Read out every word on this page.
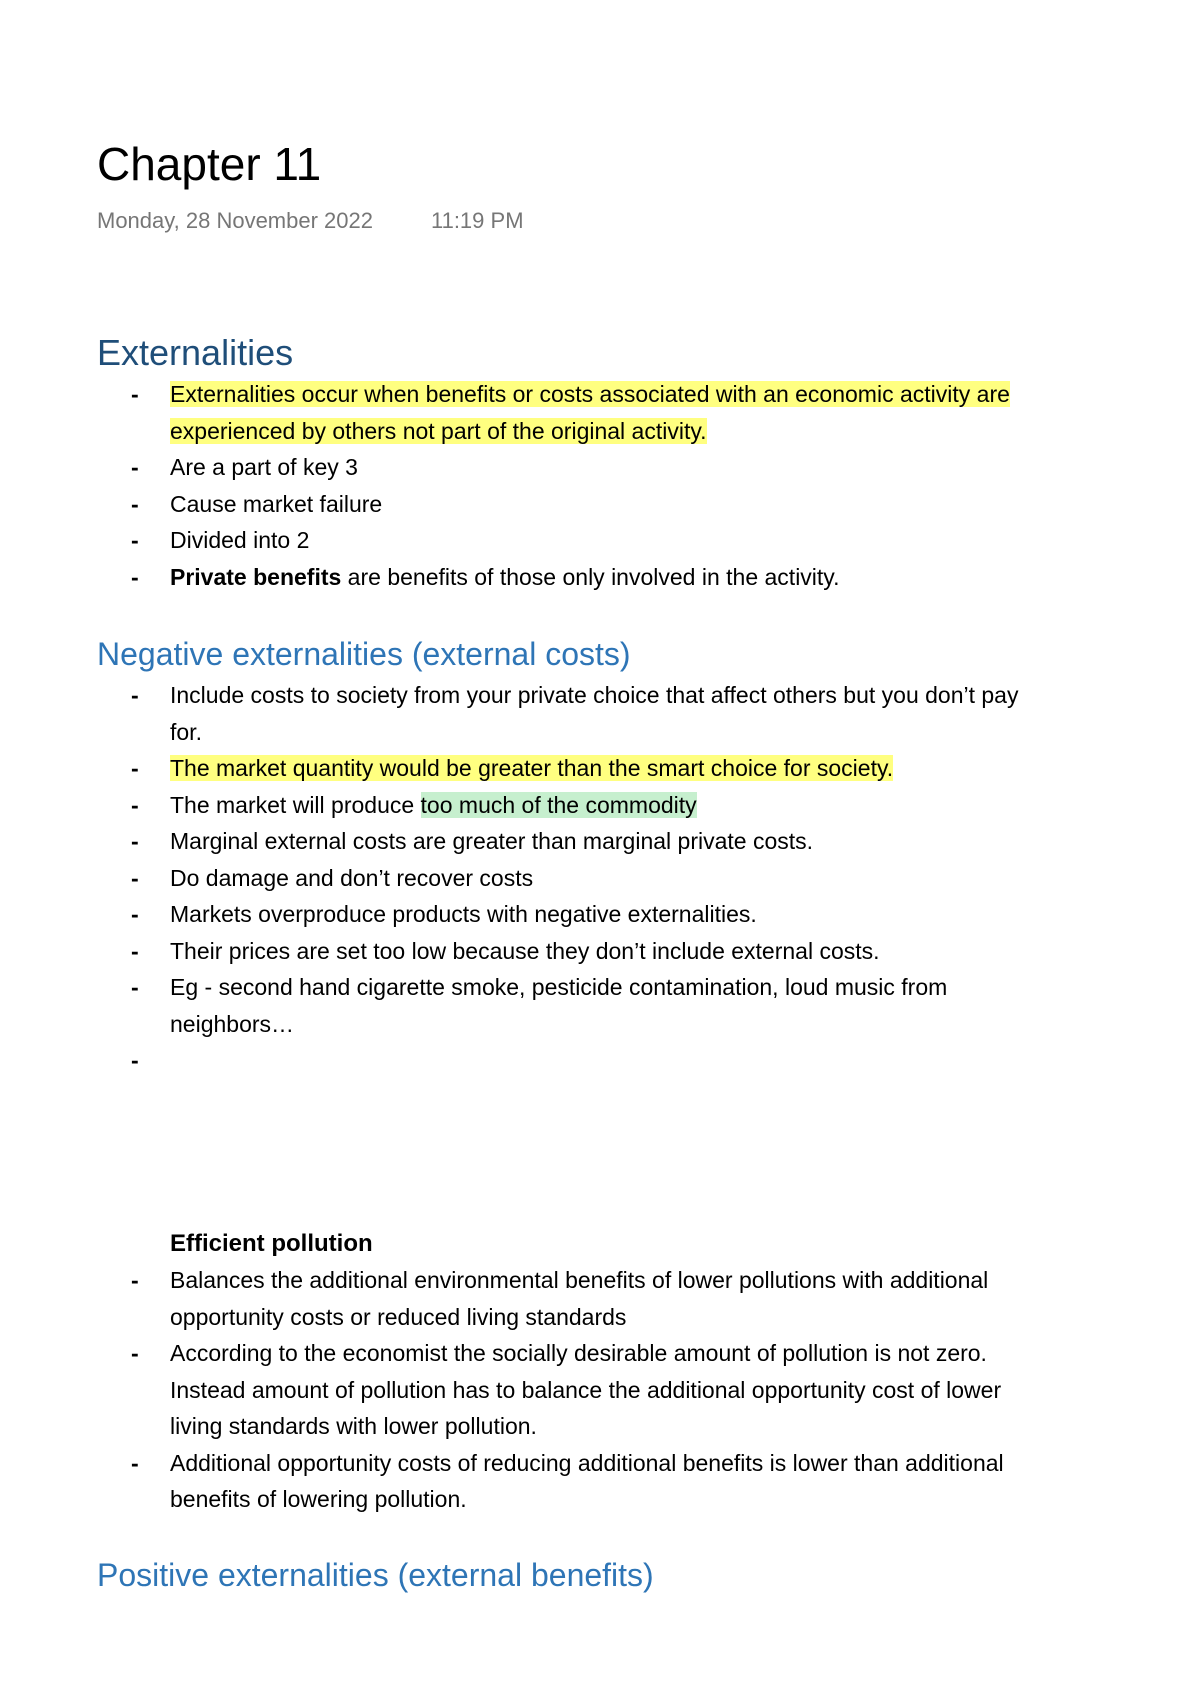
Chapter 11
Monday, 28 November 2022	11:19 PM
Externalities
- Externalities occur when benefits or costs associated with an economic activity are experienced by others not part of the original activity.
- Are a part of key 3
- Cause market failure
- Divided into 2
- Private benefits are benefits of those only involved in the activity.
Negative externalities (external costs)
- Include costs to society from your private choice that affect others but you don’t pay for.
- The market quantity would be greater than the smart choice for society.
- The market will produce too much of the commodity
- Marginal external costs are greater than marginal private costs.
- Do damage and don’t recover costs
- Markets overproduce products with negative externalities.
- Their prices are set too low because they don’t include external costs.
- Eg - second hand cigarette smoke, pesticide contamination, loud music from neighbors…
-

Efficient pollution

- Balances the additional environmental benefits of lower pollutions with additional opportunity costs or reduced living standards
- According to the economist the socially desirable amount of pollution is not zero. Instead amount of pollution has to balance the additional opportunity cost of lower living standards with lower pollution.
- Additional opportunity costs of reducing additional benefits is lower than additional benefits of lowering pollution.
Positive externalities (external benefits)
